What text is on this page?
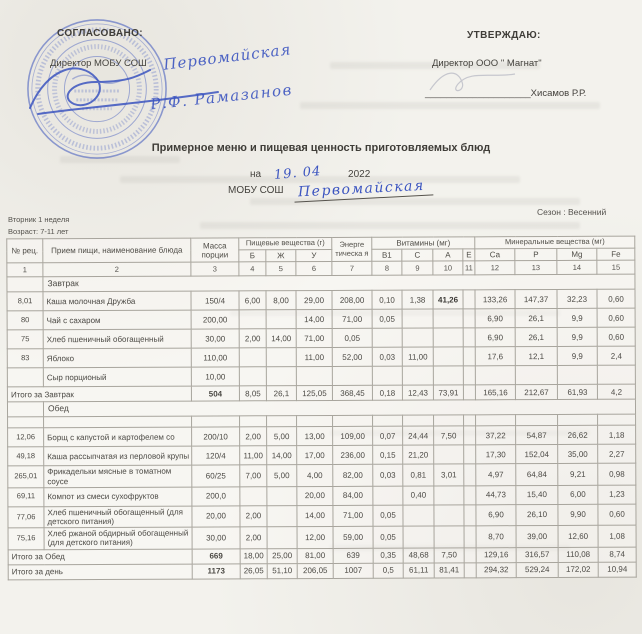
СОГЛАСОВАНО:
Директор МОБУ СОШ Первомайская
Р.Ф. Рамазанов
УТВЕРЖДАЮ:
Директор ООО " Магнат"
____________________Хисамов Р.Р.
Примерное меню и пищевая ценность приготовляемых блюд
на 19. 04	2022
МОБУ СОШ Первомайская
Вторник 1 неделя
Возраст: 7-11 лет
Сезон : Весенний
№ рец.	Прием пищи, наименование блюда	Масса порции	Пищевые вещества (г)			Энерге тическа я	Витамины (мг)				Минеральные вещества (мг)			
			Б	Ж	У		В1	С	А	Е	Са	Р	Mg	Fe
1	2	3	4	5	6	7	8	9	10	11	12	13	14	15
	Завтрак													
8,01	Каша молочная Дружба	150/4	6,00	8,00	29,00	208,00	0,10	1,38	41,26		133,26	147,37	32,23	0,60
80	Чай с сахаром	200,00			14,00	71,00	0,05				6,90	26,1	9,9	0,60
75	Хлеб пшеничный обогащенный	30,00	2,00	14,00	71,00	0,05					6,90	26,1	9,9	0,60
83	Яблоко	110,00			11,00	52,00	0,03	11,00			17,6	12,1	9,9	2,4
	Сыр порционый	10,00												
Итого за Завтрак		504	8,05	26,1	125,05	368,45	0,18	12,43	73,91		165,16	212,67	61,93	4,2
	Обед													

12,06	Борщ с капустой и картофелем со	200/10	2,00	5,00	13,00	109,00	0,07	24,44	7,50		37,22	54,87	26,62	1,18
49,18	Каша рассыпчатая из перловой крупы	120/4	11,00	14,00	17,00	236,00	0,15	21,20			17,30	152,04	35,00	2,27
265,01	Фрикадельки мясные в томатном соусе	60/25	7,00	5,00	4,00	82,00	0,03	0,81	3,01		4,97	64,84	9,21	0,98
69,11	Компот из смеси сухофруктов	200,0			20,00	84,00		0,40			44,73	15,40	6,00	1,23
77,06	Хлеб пшеничный обогащенный (для детского питания)	20,00	2,00		14,00	71,00	0,05				6,90	26,10	9,90	0,60
75,16	Хлеб ржаной обдирный обогащенный (для детского питания)	30,00	2,00		12,00	59,00	0,05				8,70	39,00	12,60	1,08
Итого за Обед		669	18,00	25,00	81,00	639	0,35	48,68	7,50		129,16	316,57	110,08	8,74
Итого за день		1173	26,05	51,10	206,05	1007	0,5	61,11	81,41		294,32	529,24	172,02	10,94
